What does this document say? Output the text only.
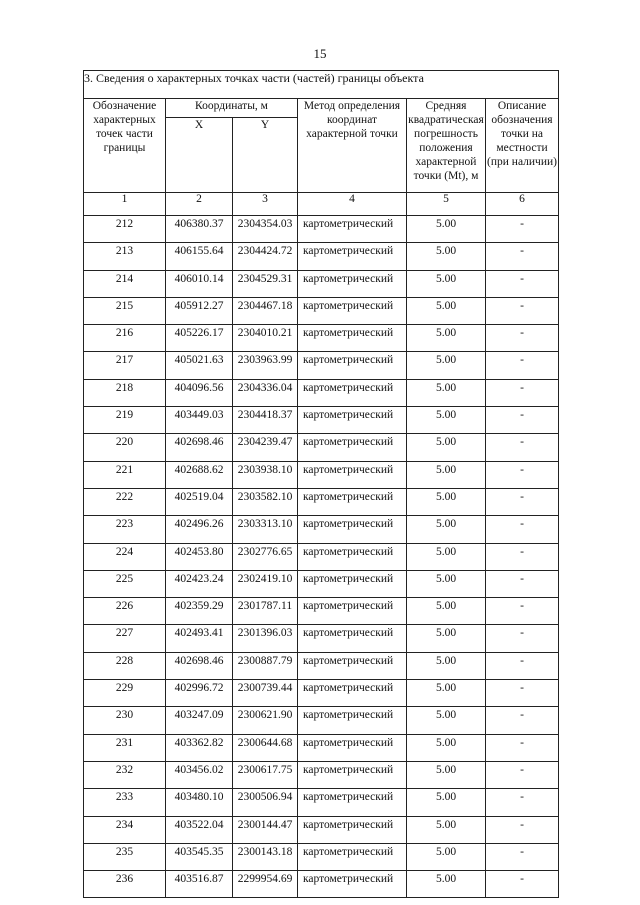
15
3. Сведения о характерных точках части (частей) границы объекта					
Обозначение характерных точек части границы	Координаты, м		Метод определения координат характерной точки	Средняя квадратическая погрешность положения характерной точки (Mt), м	Описание обозначения точки на местности (при наличии)
	X	Y			
1	2	3	4	5	6
212	406380.37	2304354.03	картометрический	5.00	-
213	406155.64	2304424.72	картометрический	5.00	-
214	406010.14	2304529.31	картометрический	5.00	-
215	405912.27	2304467.18	картометрический	5.00	-
216	405226.17	2304010.21	картометрический	5.00	-
217	405021.63	2303963.99	картометрический	5.00	-
218	404096.56	2304336.04	картометрический	5.00	-
219	403449.03	2304418.37	картометрический	5.00	-
220	402698.46	2304239.47	картометрический	5.00	-
221	402688.62	2303938.10	картометрический	5.00	-
222	402519.04	2303582.10	картометрический	5.00	-
223	402496.26	2303313.10	картометрический	5.00	-
224	402453.80	2302776.65	картометрический	5.00	-
225	402423.24	2302419.10	картометрический	5.00	-
226	402359.29	2301787.11	картометрический	5.00	-
227	402493.41	2301396.03	картометрический	5.00	-
228	402698.46	2300887.79	картометрический	5.00	-
229	402996.72	2300739.44	картометрический	5.00	-
230	403247.09	2300621.90	картометрический	5.00	-
231	403362.82	2300644.68	картометрический	5.00	-
232	403456.02	2300617.75	картометрический	5.00	-
233	403480.10	2300506.94	картометрический	5.00	-
234	403522.04	2300144.47	картометрический	5.00	-
235	403545.35	2300143.18	картометрический	5.00	-
236	403516.87	2299954.69	картометрический	5.00	-
